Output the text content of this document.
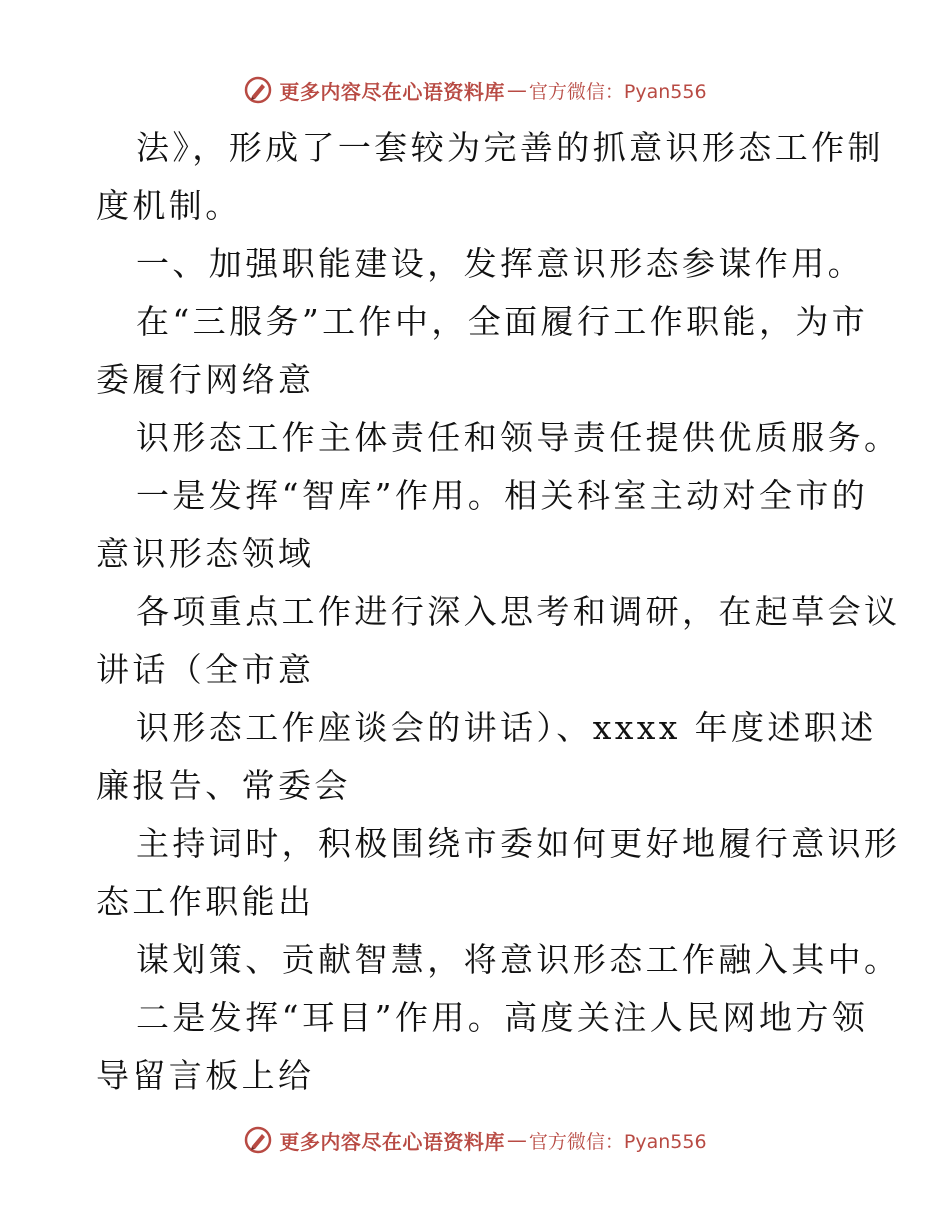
更多内容尽在心语资料库 — 官方微信：Pyan556
法》，形成了一套较为完善的抓意识形态工作制
度机制。
一、加强职能建设，发挥意识形态参谋作用。
在“三服务”工作中，全面履行工作职能，为市
委履行网络意
识形态工作主体责任和领导责任提供优质服务。
一是发挥“智库”作用。相关科室主动对全市的
意识形态领域
各项重点工作进行深入思考和调研，在起草会议
讲话（全市意
识形态工作座谈会的讲话）、xxxx 年度述职述
廉报告、常委会
主持词时，积极围绕市委如何更好地履行意识形
态工作职能出
谋划策、贡献智慧，将意识形态工作融入其中。
二是发挥“耳目”作用。高度关注人民网地方领
导留言板上给
更多内容尽在心语资料库 — 官方微信：Pyan556
